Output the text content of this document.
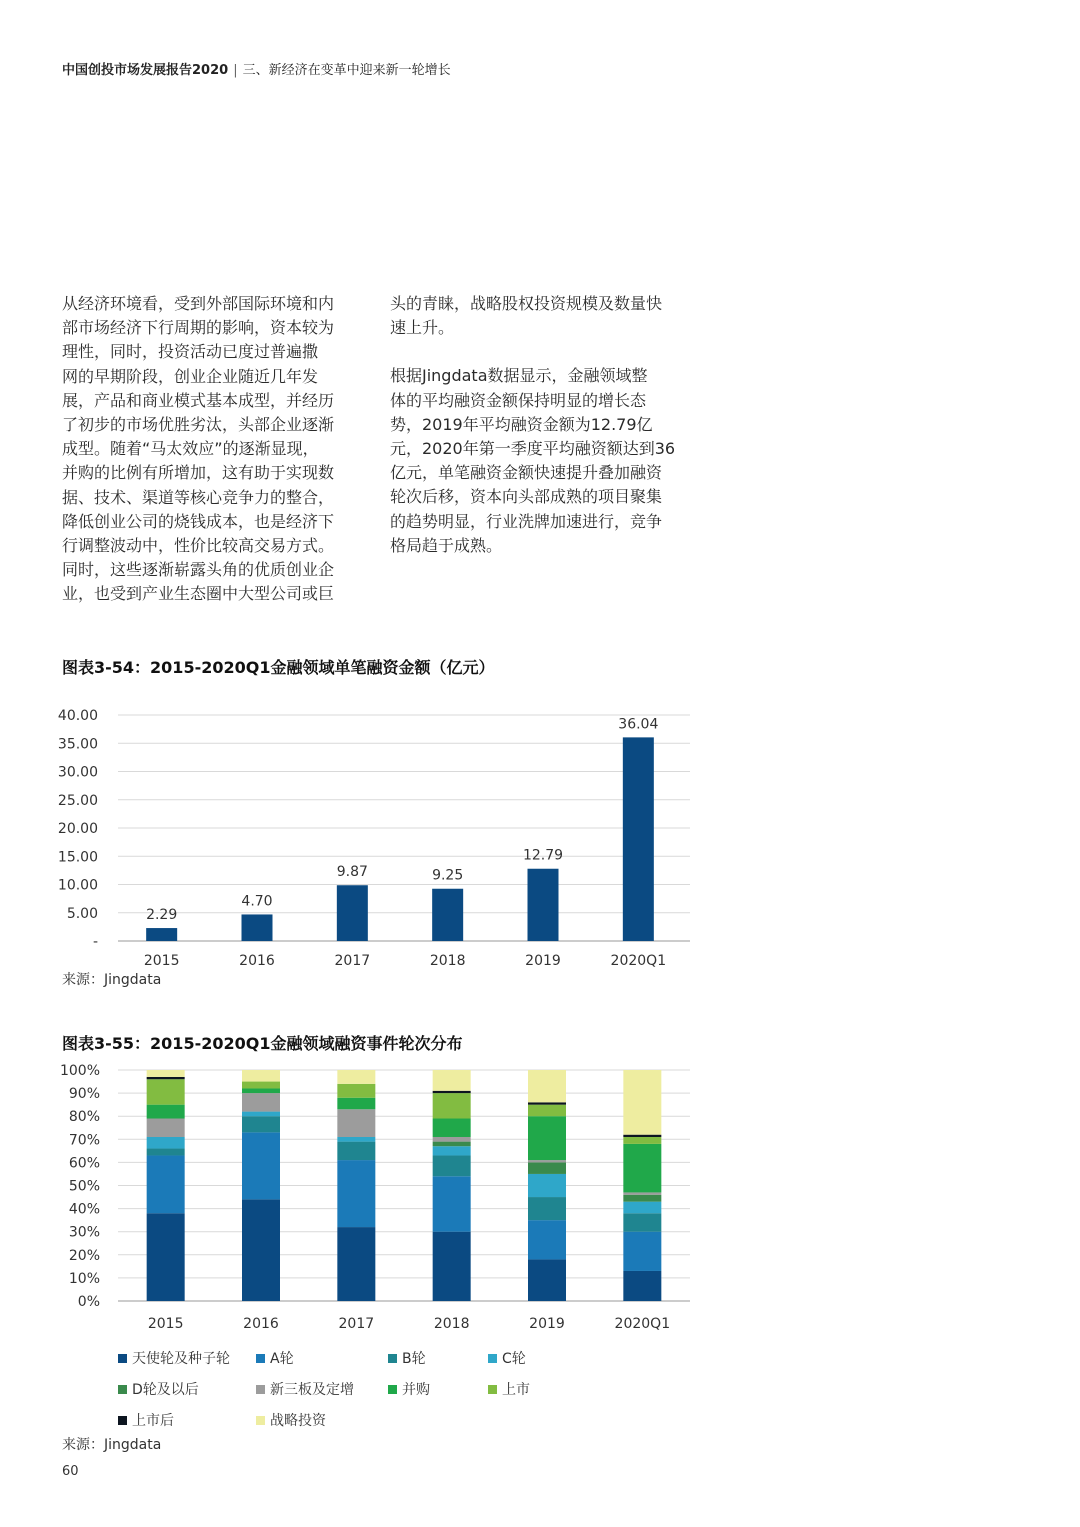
中国创投市场发展报告2020 | 三、新经济在变革中迎来新一轮增长

从经济环境看，受到外部国际环境和内

部市场经济下行周期的影响，资本较为

理性，同时，投资活动已度过普遍撒

网的早期阶段，创业企业随近几年发

展，产品和商业模式基本成型，并经历

了初步的市场优胜劣汰，头部企业逐渐

成型。随着“马太效应”的逐渐显现，

并购的比例有所增加，这有助于实现数

据、技术、渠道等核心竞争力的整合，

降低创业公司的烧钱成本，也是经济下

行调整波动中，性价比较高交易方式。

同时，这些逐渐崭露头角的优质创业企

业，也受到产业生态圈中大型公司或巨

头的青睐，战略股权投资规模及数量快

速上升。

根据Jingdata数据显示，金融领域整

体的平均融资金额保持明显的增长态

势，2019年平均融资金额为12.79亿

元，2020年第一季度平均融资额达到36

亿元，单笔融资金额快速提升叠加融资

轮次后移，资本向头部成熟的项目聚集

的趋势明显，行业洗牌加速进行，竞争

格局趋于成熟。

图表3-54：2015-2020Q1金融领域单笔融资金额（亿元）
-
5.00
10.00
15.00
20.00
25.00
30.00
35.00
40.00
2.29
2015
4.70
2016
9.87
2017
9.25
2018
12.79
2019
36.04
2020Q1
来源：Jingdata
图表3-55：2015-2020Q1金融领域融资事件轮次分布
0%
10%
20%
30%
40%
50%
60%
70%
80%
90%
100%
2015	2016	2017	2018	2019	2020Q1
天使轮及种子轮	A轮	B轮	C轮
D轮及以后	新三板及定增	并购	上市
上市后	战略投资
来源：Jingdata
60
